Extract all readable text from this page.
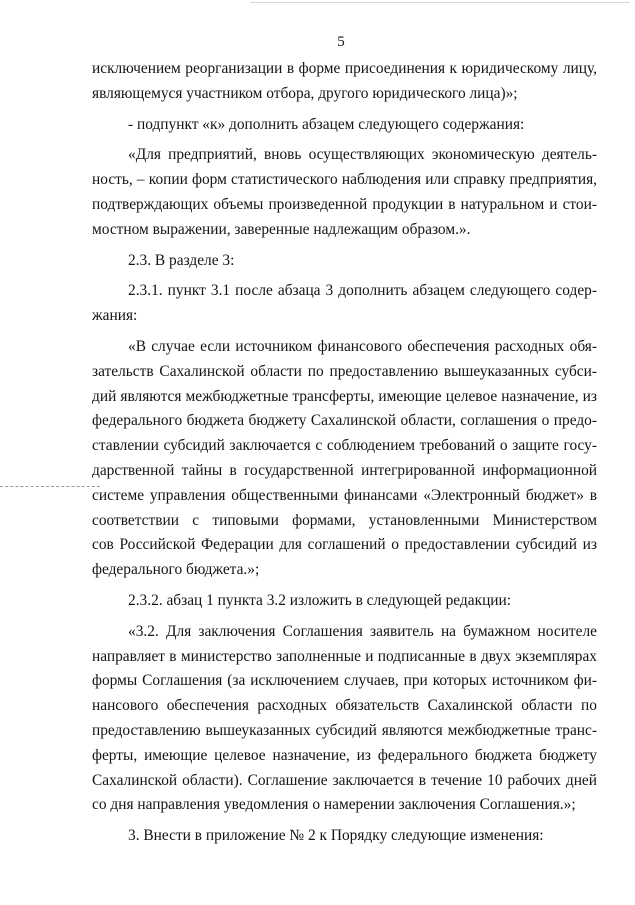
5
исключением реорганизации в форме присоединения к юридическому лицу,
являющемуся участником отбора, другого юридического лица)»;
- подпункт «к» дополнить абзацем следующего содержания:
«Для предприятий, вновь осуществляющих экономическую деятель-
ность, – копии форм статистического наблюдения или справку предприятия,
подтверждающих объемы произведенной продукции в натуральном и стои-
мостном выражении, заверенные надлежащим образом.».
2.3. В разделе 3:
2.3.1. пункт 3.1 после абзаца 3 дополнить абзацем следующего содер-
жания:
«В случае если источником финансового обеспечения расходных обя-
зательств Сахалинской области по предоставлению вышеуказанных субси-
дий являются межбюджетные трансферты, имеющие целевое назначение, из
федерального бюджета бюджету Сахалинской области, соглашения о предо-
ставлении субсидий заключается с соблюдением требований о защите госу-
дарственной тайны в государственной интегрированной информационной
системе управления общественными финансами «Электронный бюджет» в
соответствии с типовыми формами, установленными Министерством
сов Российской Федерации для соглашений о предоставлении субсидий из
федерального бюджета.»;
2.3.2. абзац 1 пункта 3.2 изложить в следующей редакции:
«3.2. Для заключения Соглашения заявитель на бумажном носителе
направляет в министерство заполненные и подписанные в двух экземплярах
формы Соглашения (за исключением случаев, при которых источником фи-
нансового обеспечения расходных обязательств Сахалинской области по
предоставлению вышеуказанных субсидий являются межбюджетные транс-
ферты, имеющие целевое назначение, из федерального бюджета бюджету
Сахалинской области). Соглашение заключается в течение 10 рабочих дней
со дня направления уведомления о намерении заключения Соглашения.»;
3. Внести в приложение № 2 к Порядку следующие изменения:
